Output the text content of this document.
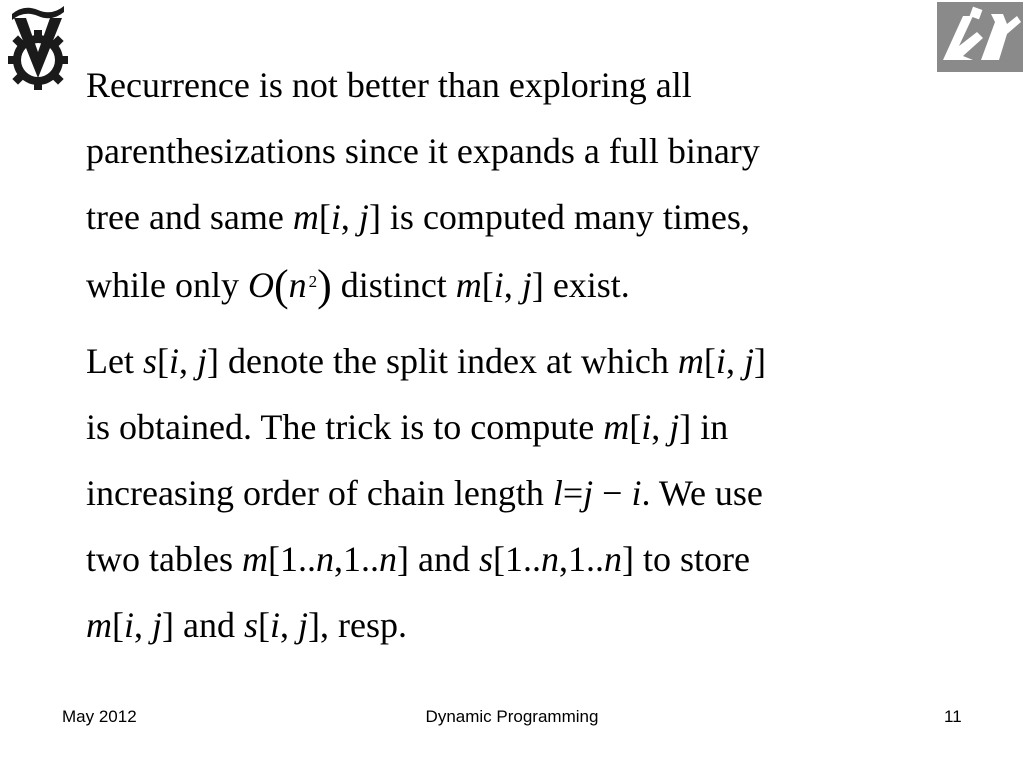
Recurrence is not better than exploring all
parenthesizations since it expands a full binary
tree and same m[i, j] is computed many times,
while only O(n $^2$) distinct m[i, j] exist.
Let s[i, j] denote the split index at which m[i, j]
is obtained. The trick is to compute m[i, j] in
increasing order of chain length l=j − i. We use
two tables m[1..n,1..n] and s[1..n,1..n] to store
m[i, j] and s[i, j], resp.
May 2012	Dynamic Programming	11
